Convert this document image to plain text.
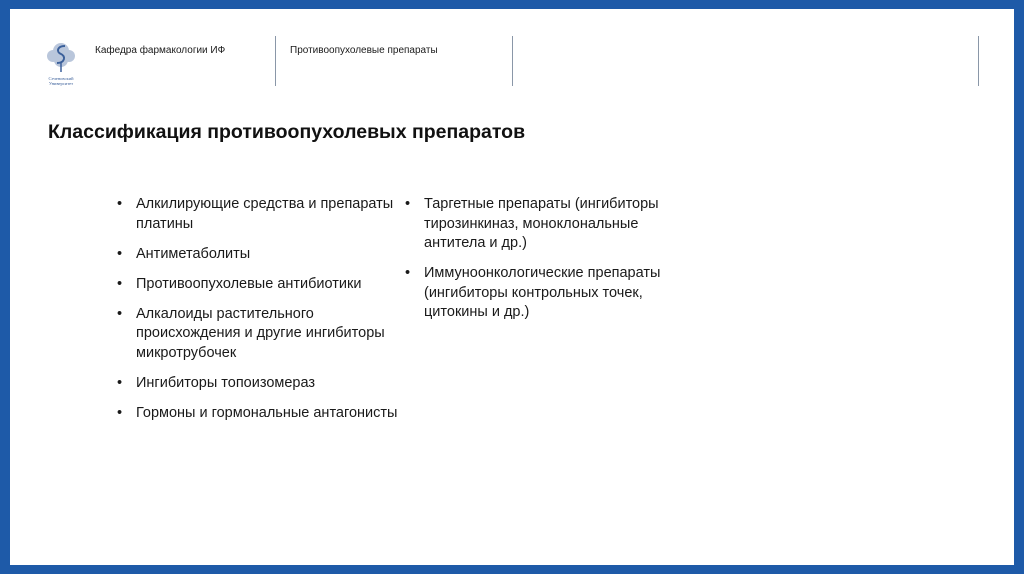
Сеченовский
Университет
Кафедра фармакологии ИФ	Противоопухолевые препараты
Классификация противоопухолевых препаратов
• Алкилирующие средства и препараты платины
• Антиметаболиты
• Противоопухолевые антибиотики
• Алкалоиды растительного происхождения и другие ингибиторы микротрубочек
• Ингибиторы топоизомераз
• Гормоны и гормональные антагонисты
• Таргетные препараты (ингибиторы тирозинкиназ, моноклональные антитела и др.)
• Иммуноонкологические препараты (ингибиторы контрольных точек, цитокины и др.)
